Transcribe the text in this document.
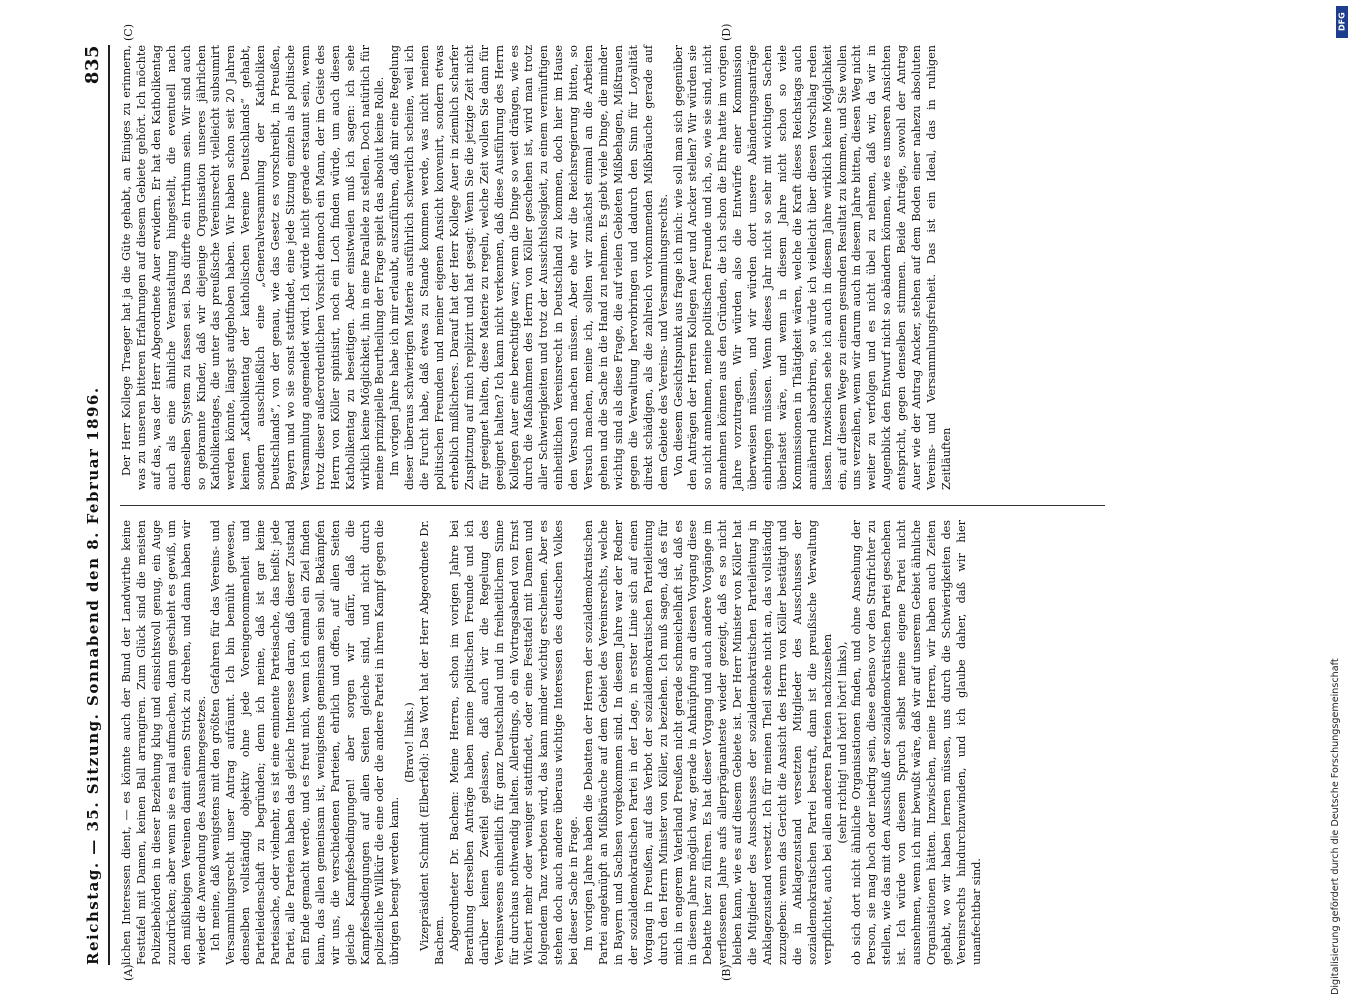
Reichstag. — 35. Sitzung. Sonnabend den 8. Februar 1896.
835
(A)	(B)
(C)	(D)

lichen Interessen dient, — es könnte auch der Bund der Landwirthe keine Festtafel mit Damen, keinen Ball arrangiren. Zum Glück sind die meisten Polizeibehörden in dieser Beziehung klug und einsichtsvoll genug, ein Auge zuzudrücken; aber wenn sie es mal aufmachen, dann geschieht es gewiß, um den mißliebigen Vereinen damit einen Strick zu drehen, und dann haben wir wieder die Anwendung des Ausnahmegesetzes. Ich meine, daß wenigstens mit den größten Gefahren für das Vereins- und Versammlungsrecht unser Antrag aufräumt. Ich bin bemüht gewesen, denselben vollständig objektiv ohne jede Voreingenommenheit und Parteileidenschaft zu begründen; denn ich meine, daß ist gar keine Parteisache, oder vielmehr, es ist eine eminente Parteisache, das heißt: jede Partei, alle Parteien haben das gleiche Interesse daran, daß dieser Zustand ein Ende gemacht werde, und es freut mich, wenn ich einmal ein Ziel finden kann, das allen gemeinsam ist, wenigstens gemeinsam sein soll. Bekämpfen wir uns, die verschiedenen Parteien, ehrlich und offen, auf allen Seiten gleiche Kampfesbedingungen! aber sorgen wir dafür, daß die Kampfesbedingungen auf allen Seiten gleiche sind, und nicht durch polizeiliche Willkür die eine oder die andere Partei in ihrem Kampf gegen die übrigen beengt werden kann.

(Bravo! links.) Vizepräsident Schmidt (Elberfeld): Das Wort hat der Herr Abgeordnete Dr. Bachem. Abgeordneter Dr. Bachem: Meine Herren, schon im vorigen Jahre bei Berathung derselben Anträge haben meine politischen Freunde und ich darüber keinen Zweifel gelassen, daß auch wir die Regelung des Vereinswesens einheitlich für ganz Deutschland und in freiheitlichem Sinne für durchaus nothwendig halten. Allerdings, ob ein Vortragsabend von Ernst Wichert mehr oder weniger stattfindet, oder eine Festtafel mit Damen und folgendem Tanz verboten wird, das kann minder wichtig erscheinen. Aber es stehen doch auch andere überaus wichtige Interessen des deutschen Volkes bei dieser Sache in Frage. Im vorigen Jahre haben die Debatten der Herren der sozialdemokratischen Partei angeknüpft an Mißbräuche auf dem Gebiet des Vereinsrechts, welche in Bayern und Sachsen vorgekommen sind. In diesem Jahre war der Redner der sozialdemokratischen Partei in der Lage, in erster Linie sich auf einen Vorgang in Preußen, auf das Verbot der sozialdemokratischen Parteileitung durch den Herrn Minister von Köller, zu beziehen. Ich muß sagen, daß es für mich in engerem Vaterland Preußen nicht gerade schmeichelhaft ist, daß es in diesem Jahre möglich war, gerade in Anknüpfung an diesen Vorgang diese Debatte hier zu führen. Es hat dieser Vorgang und auch andere Vorgänge im verflossenen Jahre aufs allerprägnanteste wieder gezeigt, daß es so nicht bleiben kann, wie es auf diesem Gebiete ist. Der Herr Minister von Köller hat die Mitglieder des Ausschusses der sozialdemokratischen Parteileitung in Anklagezustand versetzt. Ich für meinen Theil stehe nicht an, das vollständig zuzugeben: wenn das Gericht die Ansicht des Herrn von Köller bestätigt und die in Anklagezustand versetzten Mitglieder des Ausschusses der sozialdemokratischen Partei bestraft, dann ist die preußische Verwaltung verpflichtet, auch bei allen anderen Parteien nachzusehen (sehr richtig! und hört! hört! links), ob sich dort nicht ähnliche Organisationen finden, und ohne Ansehung der Person, sie mag hoch oder niedrig sein, diese ebenso vor den Strafrichter zu stellen, wie das mit den Ausschuß der sozialdemokratischen Partei geschehen ist. Ich würde von diesem Spruch selbst meine eigene Partei nicht ausnehmen, wenn ich mir bewußt wäre, daß wir auf unserem Gebiet ähnliche Organisationen hätten. Inzwischen, meine Herren, wir haben auch Zeiten gehabt, wo wir haben lernen müssen, uns durch die Schwierigkeiten des Vereinsrechts hindurchzuwinden, und ich glaube daher, daß wir hier unanfechtbar sind.

Der Herr Kollege Traeger hat ja die Güte gehabt, an Einiges zu erinnern, was zu unseren bitteren Erfahrungen auf diesem Gebiete gehört. Ich möchte auf das, was der Herr Abgeordnete Auer erwidern. Er hat den Katholikentag auch als eine ähnliche Veranstaltung hingestellt, die eventuell nach demselben System zu fassen sei. Das dürfte ein Irrthum sein. Wir sind auch so gebrannte Kinder, daß wir diejenige Organisation unseres jährlichen Katholikentages, die unter das preußische Vereinsrecht vielleicht subsumirt werden könnte, längst aufgehoben haben. Wir haben schon seit 20 Jahren keinen „Katholikentag der katholischen Vereine Deutschlands“ gehabt, sondern ausschließlich eine „Generalversammlung der Katholiken Deutschlands“, von der genau, wie das Gesetz es vorschreibt, in Preußen, Bayern und wo sie sonst stattfindet, eine jede Sitzung einzeln als politische Versammlung angemeldet wird. Ich würde nicht gerade erstaunt sein, wenn trotz dieser außerordentlichen Vorsicht dennoch ein Mann, der im Geiste des Herrn von Köller spintisirt, noch ein Loch finden würde, um auch diesen Katholikentag zu beseitigen. Aber einstweilen muß ich sagen: ich sehe wirklich keine Möglichkeit, ihn in eine Parallele zu stellen. Doch natürlich für meine prinzipielle Beurtheilung der Frage spielt das absolut keine Rolle. Im vorigen Jahre habe ich mir erlaubt, auszuführen, daß mir eine Regelung dieser überaus schwierigen Materie ausführlich schwerlich scheine, weil ich die Furcht habe, daß etwas zu Stande kommen werde, was nicht meinen politischen Freunden und meiner eigenen Ansicht konvenirt, sondern etwas erheblich mißlicheres. Darauf hat der Herr Kollege Auer in ziemlich scharfer Zuspitzung auf mich replizirt und hat gesagt: Wenn Sie die jetzige Zeit nicht für geeignet halten, diese Materie zu regeln, welche Zeit wollen Sie dann für geeignet halten? Ich kann nicht verkennen, daß diese Ausführung des Herrn Kollegen Auer eine berechtigte war; wenn die Dinge so weit drängen, wie es durch die Maßnahmen des Herrn von Köller geschehen ist, wird man trotz aller Schwierigkeiten und trotz der Aussichtslosigkeit, zu einem vernünftigen einheitlichen Vereinsrecht in Deutschland zu kommen, doch hier im Hause den Versuch machen müssen. Aber ehe wir die Reichsregierung bitten, so Versuch machen, meine ich, sollten wir zunächst einmal an die Arbeiten gehen und die Sache in die Hand zu nehmen. Es giebt viele Dinge, die minder wichtig sind als diese Frage, die auf vielen Gebieten Mißbehagen, Mißtrauen gegen die Verwaltung hervorbringen und dadurch den Sinn für Loyalität direkt schädigen, als die zahlreich vorkommenden Mißbräuche gerade auf dem Gebiete des Vereins- und Versammlungsrechts. Von diesem Gesichtspunkt aus frage ich mich: wie soll man sich gegenüber den Anträgen der Herren Kollegen Auer und Ancker stellen? Wir würden sie so nicht annehmen, meine politischen Freunde und ich, so, wie sie sind, nicht annehmen können aus den Gründen, die ich schon die Ehre hatte im vorigen Jahre vorzutragen. Wir würden also die Entwürfe einer Kommission überweisen müssen, und wir würden dort unsere Abänderungsanträge einbringen müssen. Wenn dieses Jahr nicht so sehr mit wichtigen Sachen überlastet wäre, und wenn in diesem Jahre nicht schon so viele Kommissionen in Thätigkeit wären, welche die Kraft dieses Reichstags auch annähernd absorbiren, so würde ich vielleicht über diesen Vorschlag reden lassen. Inzwischen sehe ich auch in diesem Jahre wirklich keine Möglichkeit ein, auf diesem Wege zu einem gesunden Resultat zu kommen, und Sie wollen uns verzeihen, wenn wir darum auch in diesem Jahre bitten, diesen Weg nicht weiter zu verfolgen und es nicht übel zu nehmen, daß wir, da wir in Augenblick den Entwurf nicht so abändern können, wie es unseren Ansichten entspricht, gegen denselben stimmen. Beide Anträge, sowohl der Antrag Auer wie der Antrag Ancker, stehen auf dem Boden einer nahezu absoluten Vereins- und Versammlungsfreiheit. Das ist ein Ideal, das in ruhigen Zeitläuften

Digitalisierung gefördert durch die Deutsche Forschungsgemeinschaft
DFG
